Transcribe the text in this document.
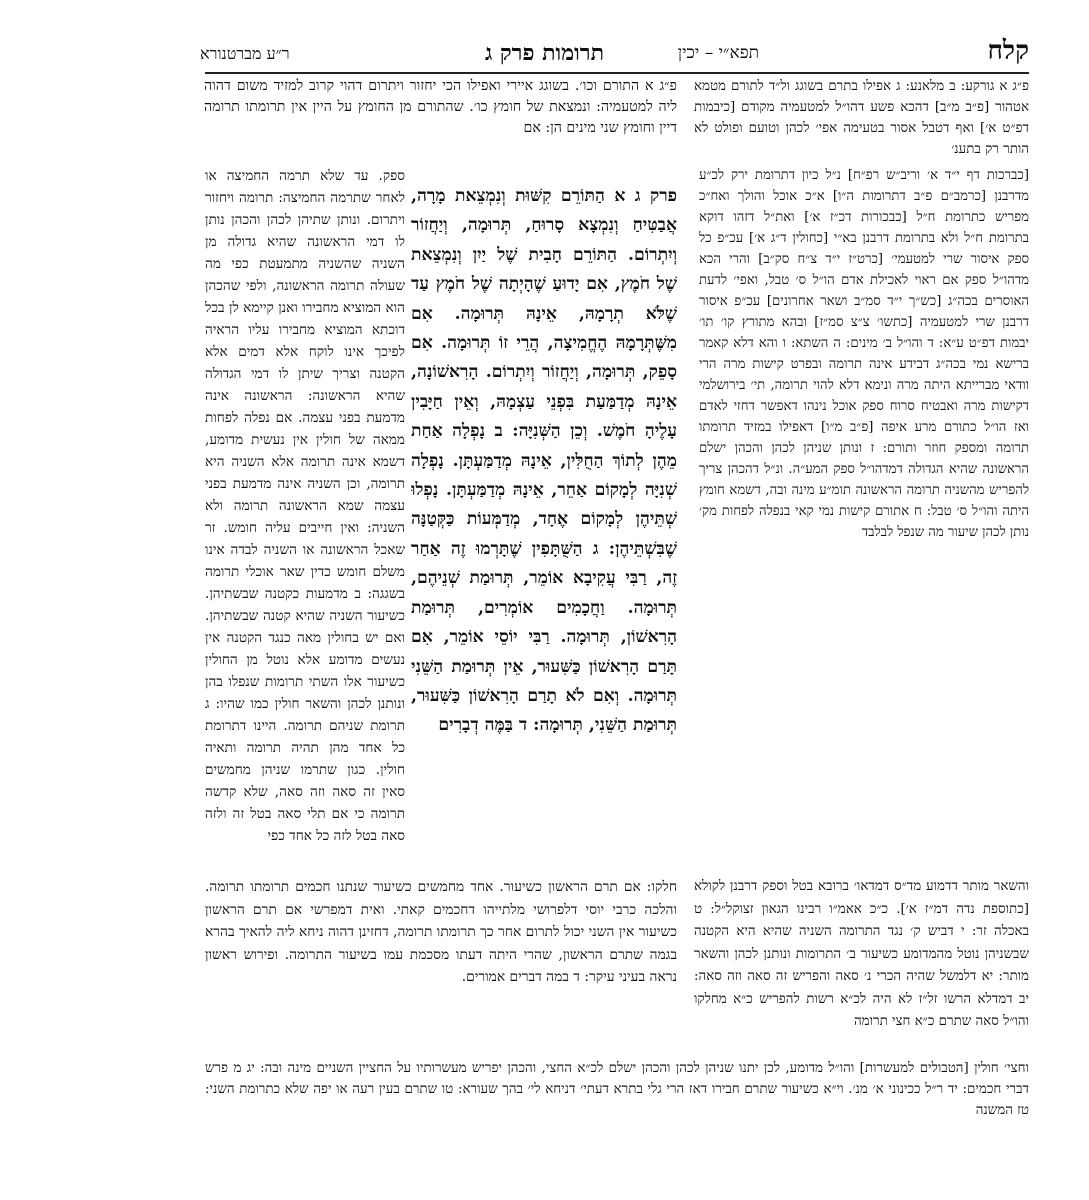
קלח
תפא״י – יכין
תרומות פרק ג
ר״ע מברטנורא

פ״ג א גורקע: ב מלאנע: ג אפילו בתרם בשוגג ול״ד לתורם מטמא אטהור [פ״ב מ״ב] דהכא פשע דהו״ל למטעמיה מקודם [כיבמות דפ״ט א׳] ואף דטבל אסור בטעימה אפי׳ לכהן וטועם ופולט לא הותר רק בתענ׳

[כברכות דף י״ד א׳ וריב״ש רפ״ח] נ״ל כיון דתרומת ירק לכ״ע מדרבנן [כרמב״ם פ״ב דתרומות ה״ו] א״כ אוכל והולך ואח״כ מפריש כתרומת ח״ל [כבכורות דכ״ז א׳] ואת״ל דזהו דוקא בתרומת ח״ל ולא בתרומת דרבנן בא״י [כחולין ד״ג א׳] עכ״פ כל ספק איסור שרי למטעמי׳ [כרט״ז י״ד צ״ח סק״ב] והרי הכא מדהו״ל ספק אם ראוי לאכילת אדם הו״ל ס׳ טבל, ואפי׳ לדעת האוסרים בכה״ג [כש״ך י״ד סמ״ב ושאר אחרונים] עכ״פ איסור דרבנן שרי למטעמיה [כתשו׳ צ״צ סמ״ז] ובהא מתורץ קו׳ תו׳ יבמות דפ״ט ע״א: ד והו״ל ב׳ מינים: ה השתא: ו והא דלא קאמר ברישא נמי בכה״ג דבידע אינה תרומה ובפרט קישות מרה הרי וודאי מברייתא היתה מרה ונימא דלא להוי תרומה, תי׳ בירושלמי דקישות מרה ואבטיח סרוח ספק אוכל נינהו דאפשר דחזי לאדם ואז הו״ל כתורם מרע איפה [פ״ב מ״ו] דאפילו במזיד תרומתו תרומה ומספק חוזר ותורם: ז ונותן שניהן לכהן והכהן ישלם הראשונה שהיא הגדולה דמדהו״ל ספק המע״ה. ונ״ל דהכהן צריך להפריש מהשניה תרומה הראשונה תומ״ע מינה ובה, דשמא חומץ היתה והו״ל ס׳ טבל: ח אתורם קישות נמי קאי בנפלה לפחות מק׳ נותן לכהן שיעור מה שנפל לבלבד

פ״ג א התורם וכו׳. בשוגג איירי ואפילו הכי יחזור ויתרום דהוי קרוב למזיד משום דהוה ליה למטעמיה: ונמצאת של חומץ כו׳. שהתורם מן החומץ על היין אין תרומתו תרומה דיין וחומץ שני מינים הן: אם

פרק ג א הַתּוֹרֵם קִשּׁוּת וְנִמְצֵאת מָרָה, אֲבַטִּיחַ וְנִמְצָא סָרוּחַ, תְּרוּמָה, וְיַחֲזוֹר וְיִתְרוֹם. הַתּוֹרֵם חָבִית שֶׁל יַיִן וְנִמְצֵאת שֶׁל חֹמֶץ, אִם יָדוּעַ שֶׁהָיְתָה שֶׁל חֹמֶץ עַד שֶׁלֹּא תְרָמָהּ, אֵינָהּ תְּרוּמָה. אִם מִשֶּׁתְּרָמָהּ הֶחֱמִיצָה, הֲרֵי זוֹ תְּרוּמָה. אִם סָפֵק, תְּרוּמָה, וְיַחֲזוֹר וְיִתְרוֹם. הָרִאשׁוֹנָה, אֵינָהּ מְדַמַּעַת בִּפְנֵי עַצְמָהּ, וְאֵין חַיָּבִין עָלֶיהָ חֹמֶשׁ. וְכֵן הַשְּׁנִיָּה: ב נָפְלָה אַחַת מֵהֶן לְתוֹךְ הַחֻלִּין, אֵינָהּ מְדַמַּעְתָּן. נָפְלָה שְׁנִיָּה לְמָקוֹם אַחֵר, אֵינָהּ מְדַמַּעְתָּן. נָפְלוּ שְׁתֵּיהֶן לְמָקוֹם אֶחָד, מְדַמְּעוֹת כַּקְּטַנָּה שֶׁבִּשְׁתֵּיהֶן: ג הַשֻּׁתָּפִין שֶׁתָּרְמוּ זֶה אַחַר זֶה, רַבִּי עֲקִיבָא אוֹמֵר, תְּרוּמַת שְׁנֵיהֶם, תְּרוּמָה. וַחֲכָמִים אוֹמְרִים, תְּרוּמַת הָרִאשׁוֹן, תְּרוּמָה. רַבִּי יוֹסֵי אוֹמֵר, אִם תָּרַם הָרִאשׁוֹן כַּשִּׁעוּר, אֵין תְּרוּמַת הַשֵּׁנִי תְּרוּמָה. וְאִם לֹא תָרַם הָרִאשׁוֹן כַּשִּׁעוּר, תְּרוּמַת הַשֵּׁנִי, תְּרוּמָה: ד בַּמֶּה דְבָרִים

ספק. עד שלא תרמה החמיצה או לאחר שתרמה החמיצה: תרומה ויחזור ויתרום. ונותן שתיהן לכהן והכהן נותן לו דמי הראשונה שהיא גדולה מן השניה שהשניה מתמעטת כפי מה שעולה תרומה הראשונה, ולפי שהכהן הוא המוציא מחבירו ואנן קיימא לן בכל דוכתא המוציא מחבירו עליו הראיה לפיכך אינו לוקח אלא דמים אלא הקטנה וצריך שיתן לו דמי הגדולה שהיא הראשונה: הראשונה אינה מדמעת בפני עצמה. אם נפלה לפחות ממאה של חולין אין נעשית מדומע, דשמא אינה תרומה אלא השניה היא תרומה, וכן השניה אינה מדמעת בפני עצמה שמא הראשונה תרומה ולא השניה: ואין חייבים עליה חומש. זר שאכל הראשונה או השניה לבדה אינו משלם חומש כדין שאר אוכלי תרומה בשגגה: ב מדמעות כקטנה שבשתיהן. כשיעור השניה שהיא קטנה שבשתיהן. ואם יש בחולין מאה כנגד הקטנה אין נעשים מדומע אלא נוטל מן החולין כשיעור אלו השתי תרומות שנפלו בהן ונותנן לכהן והשאר חולין כמו שהיו: ג תרומת שניהם תרומה. היינו דתרומת כל אחד מהן תהיה תרומה ותאיה חולין. כגון שתרמו שניהן מחמשים סאין זה סאה וזה סאה, שלא קדשה תרומה כי אם תלי סאה בטל זה ולזה סאה בטל לזה כל אחד כפי

והשאר מותר דדמוע מד״ס דמדאו׳ ברובא בטל וספק דרבנן לקולא [כתוספת נדה דמ״ז א׳]. כ״כ אאמ״ו רבינו הגאון זצוקל״ל: ט באכלה זר: י דביש ק׳ נגד התרומה השניה שהיא היא הקטנה שבשניהן נוטל מהמדומע כשיעור ב׳ התרומות ונותנן לכהן והשאר מותר: יא דלמשל שהיה הכרי נ׳ סאה והפריש זה סאה וזה סאה: יב דמדלא הרשו זל״ז לא היה לכ״א רשות להפריש כ״א מחלקו והו״ל סאה שתרם כ״א חצי תרומה

חלקו: אם תרם הראשון כשיעור. אחד מחמשים כשיעור שנתנו חכמים תרומתו תרומה. והלכה כרבי יוסי דלפרושי מלתייהו דחכמים קאתי. ואית דמפרשי אם תרם הראשון כשיעור אין השני יכול לתרום אחר כך תרומתו תרומה, דחזינן דהוה ניחא ליה להאיך בהרא בגמה שתרם הראשון, שהרי היתה דעתו מסכמת עמו בשיעור התרומה. ופירוש ראשון נראה בעיני עיקר: ד במה דברים אמורים.

וחצי׳ חולין [הטבולים למעשרות] והו״ל מדומע, לכן יתנו שניהן לכהן והכהן ישלם לכ״א החצי, והכהן יפריש מעשרותיו על החציין השניים מינה ובה: יג מ פרש דברי חכמים: יד ר״ל ככינוני א׳ מנ׳. וי״א כשיעור שתרם חבירו דאז הרי גלי בתרא דעתי׳ דניחא לי׳ בהך שעורא: טו שתרם בעין רעה או יפה שלא כתרומת השני: טז המשנה
